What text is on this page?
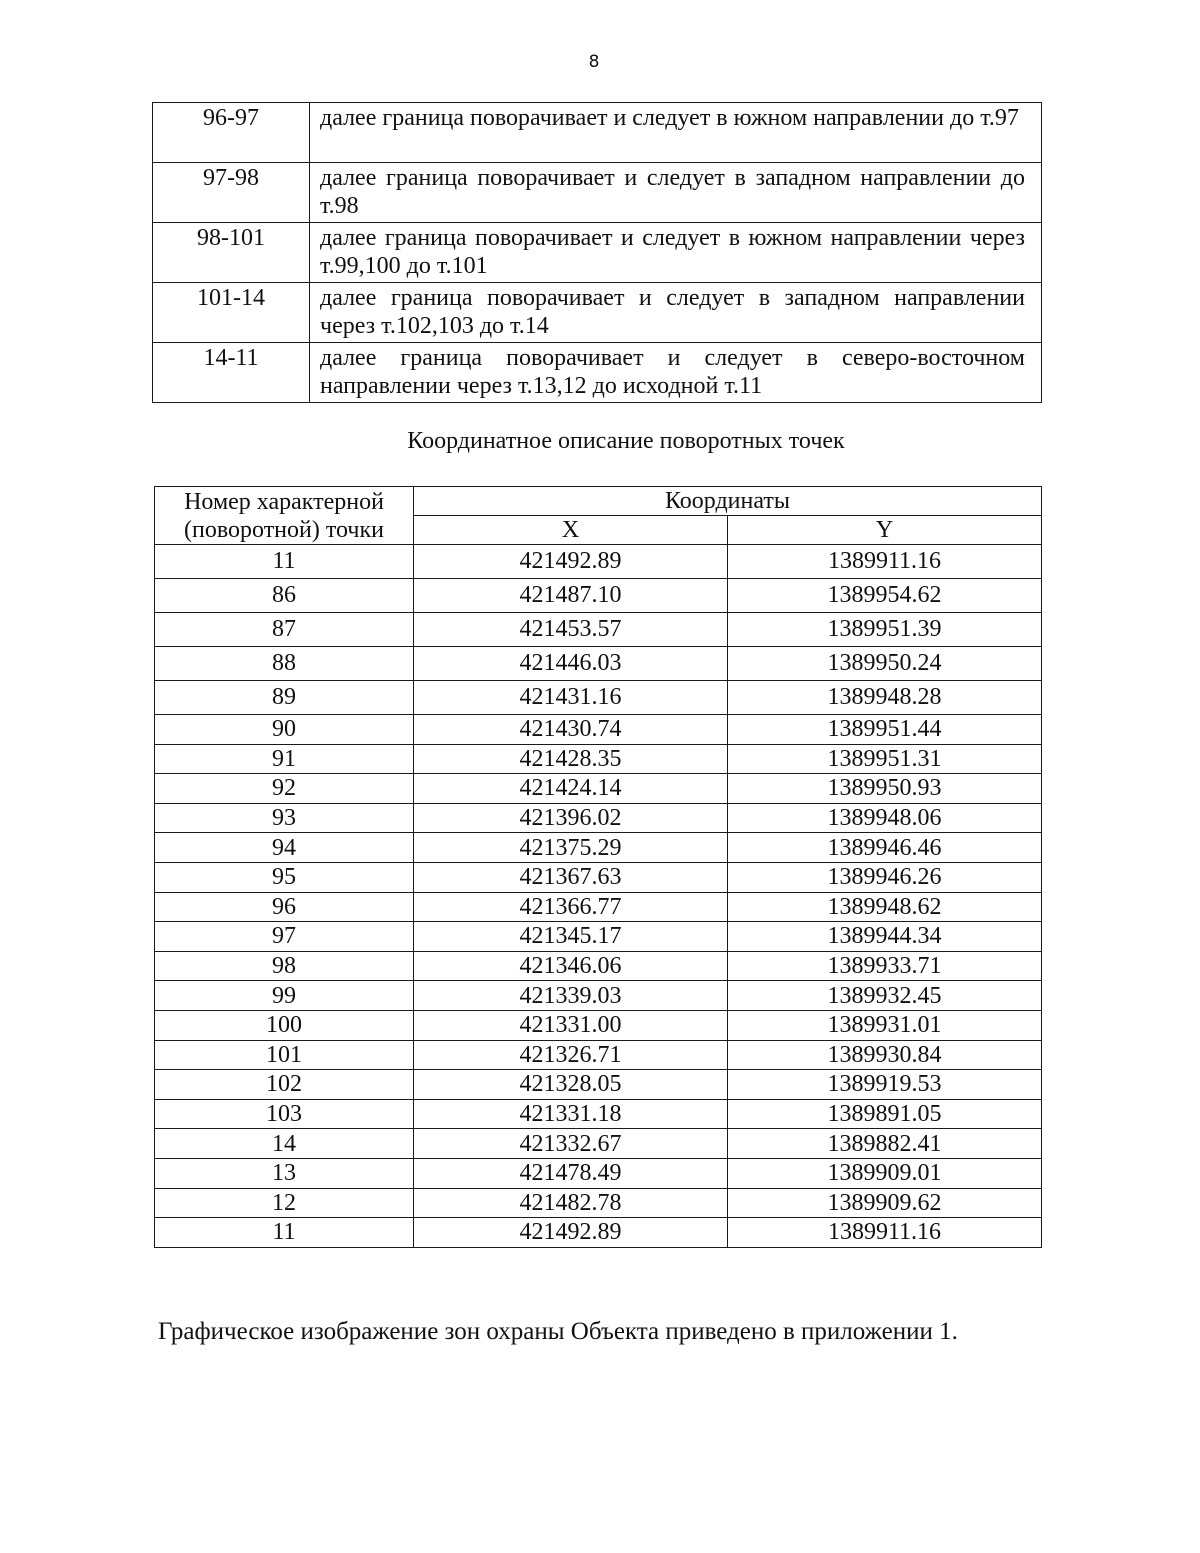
8
96-97	далее граница поворачивает и следует в южном направлении до т.97
97-98	далее граница поворачивает и следует в западном направлении до т.98
98-101	далее граница поворачивает и следует в южном направлении через т.99,100 до т.101
101-14	далее граница поворачивает и следует в западном направлении через т.102,103 до т.14
14-11	далее граница поворачивает и следует в северо-восточном направлении через т.13,12 до исходной т.11
Координатное описание поворотных точек
Номер характерной (поворотной) точки	Координаты	
	X	Y
11	421492.89	1389911.16
86	421487.10	1389954.62
87	421453.57	1389951.39
88	421446.03	1389950.24
89	421431.16	1389948.28
90	421430.74	1389951.44
91	421428.35	1389951.31
92	421424.14	1389950.93
93	421396.02	1389948.06
94	421375.29	1389946.46
95	421367.63	1389946.26
96	421366.77	1389948.62
97	421345.17	1389944.34
98	421346.06	1389933.71
99	421339.03	1389932.45
100	421331.00	1389931.01
101	421326.71	1389930.84
102	421328.05	1389919.53
103	421331.18	1389891.05
14	421332.67	1389882.41
13	421478.49	1389909.01
12	421482.78	1389909.62
11	421492.89	1389911.16
Графическое изображение зон охраны Объекта приведено в приложении 1.
